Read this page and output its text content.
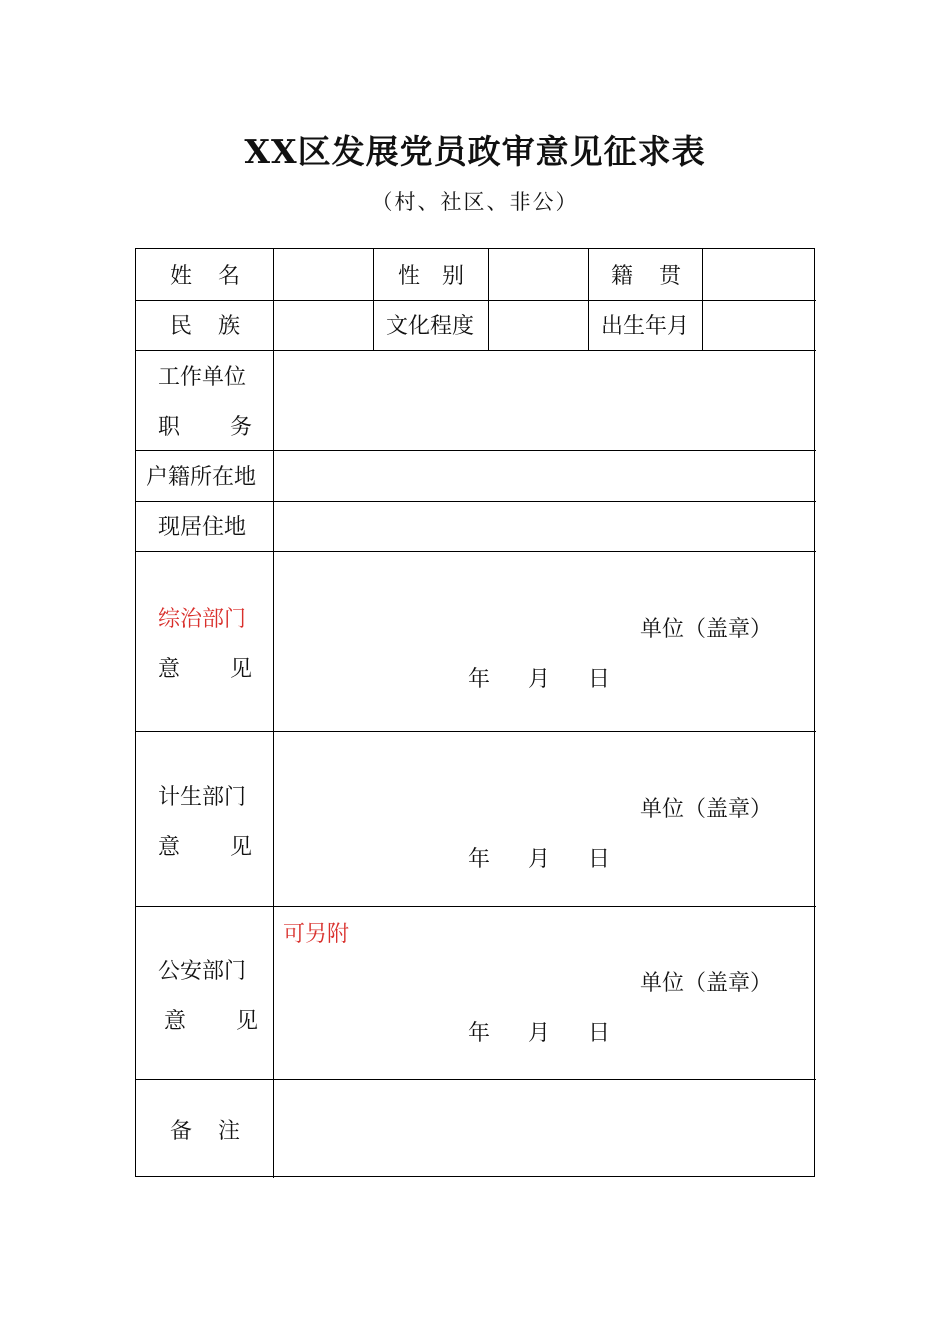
XX区发展党员政审意见征求表
（村、社区、非公）
姓 名	性 别	籍 贯
民 族	文化程度	出生年月
工作单位
职 务
户籍所在地
现居住地
综治部门
意 见
单位（盖章）
年 月 日
计生部门
意 见
单位（盖章）
年 月 日
公安部门
意 见
可另附
单位（盖章）
年 月 日
备 注
